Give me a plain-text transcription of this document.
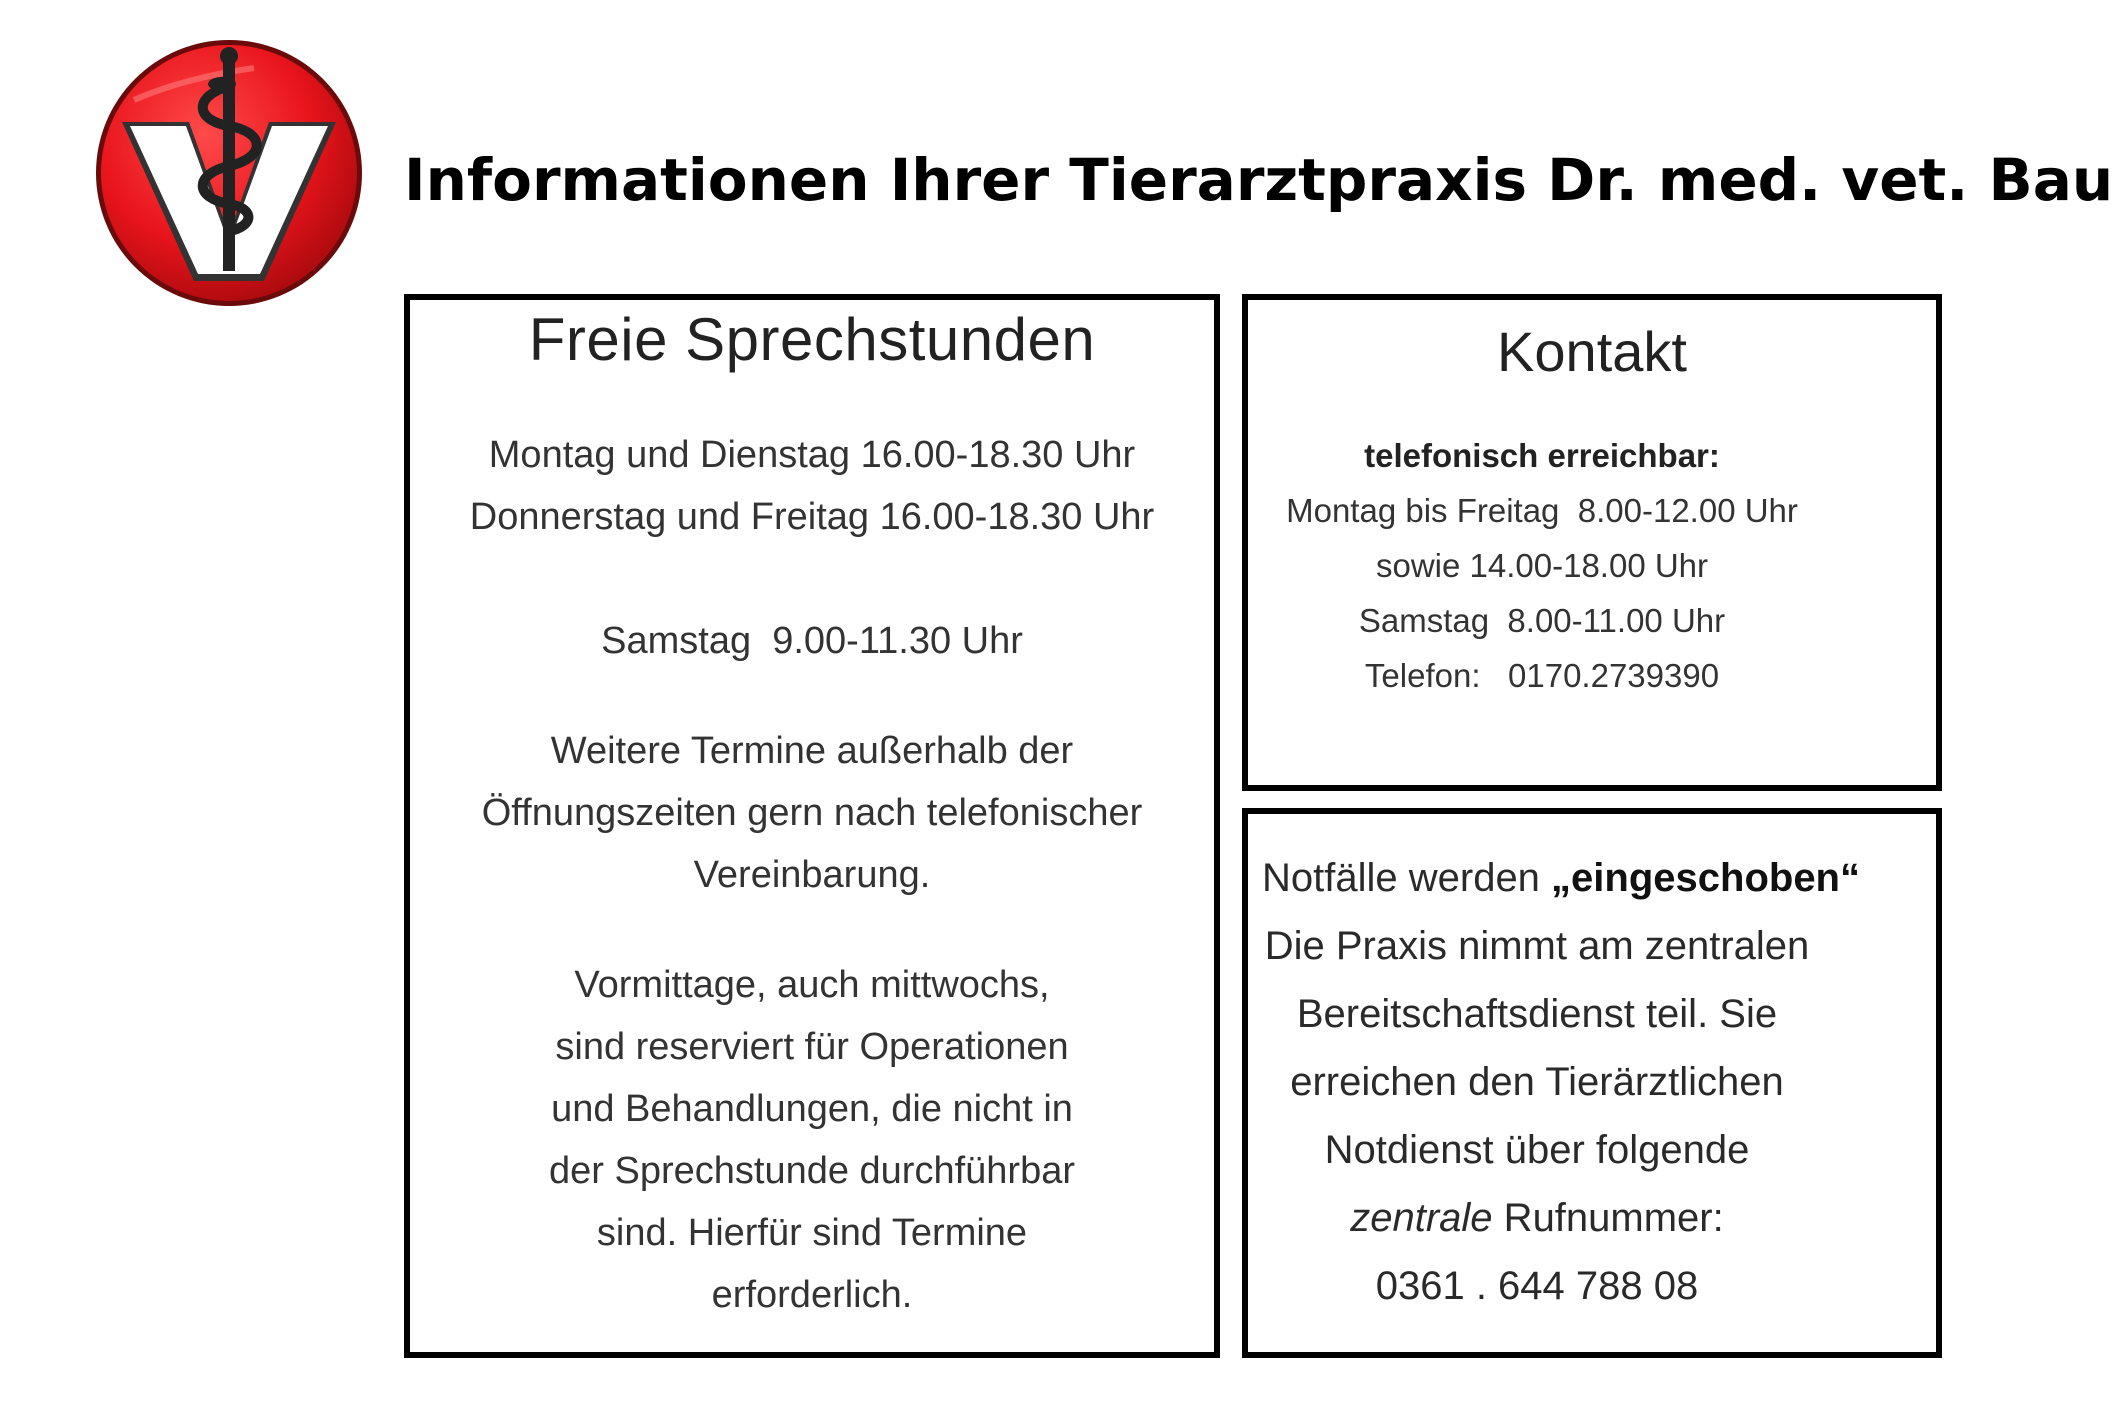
Informationen Ihrer Tierarztpraxis Dr. med. vet. Bau
Freie Sprechstunden
Montag und Dienstag 16.00-18.30 Uhr
Donnerstag und Freitag 16.00-18.30 Uhr
Samstag  9.00-11.30 Uhr
Weitere Termine außerhalb der
Öffnungszeiten gern nach telefonischer
Vereinbarung.
Vormittage, auch mittwochs,
sind reserviert für Operationen
und Behandlungen, die nicht in
der Sprechstunde durchführbar
sind. Hierfür sind Termine
erforderlich.
Kontakt
telefonisch erreichbar:
Montag bis Freitag  8.00-12.00 Uhr
sowie 14.00-18.00 Uhr
Samstag  8.00-11.00 Uhr
Telefon:   0170.2739390
Notfälle werden „eingeschoben“
Die Praxis nimmt am zentralen
Bereitschaftsdienst teil. Sie
erreichen den Tierärztlichen
Notdienst über folgende
zentrale Rufnummer:
0361 . 644 788 08
